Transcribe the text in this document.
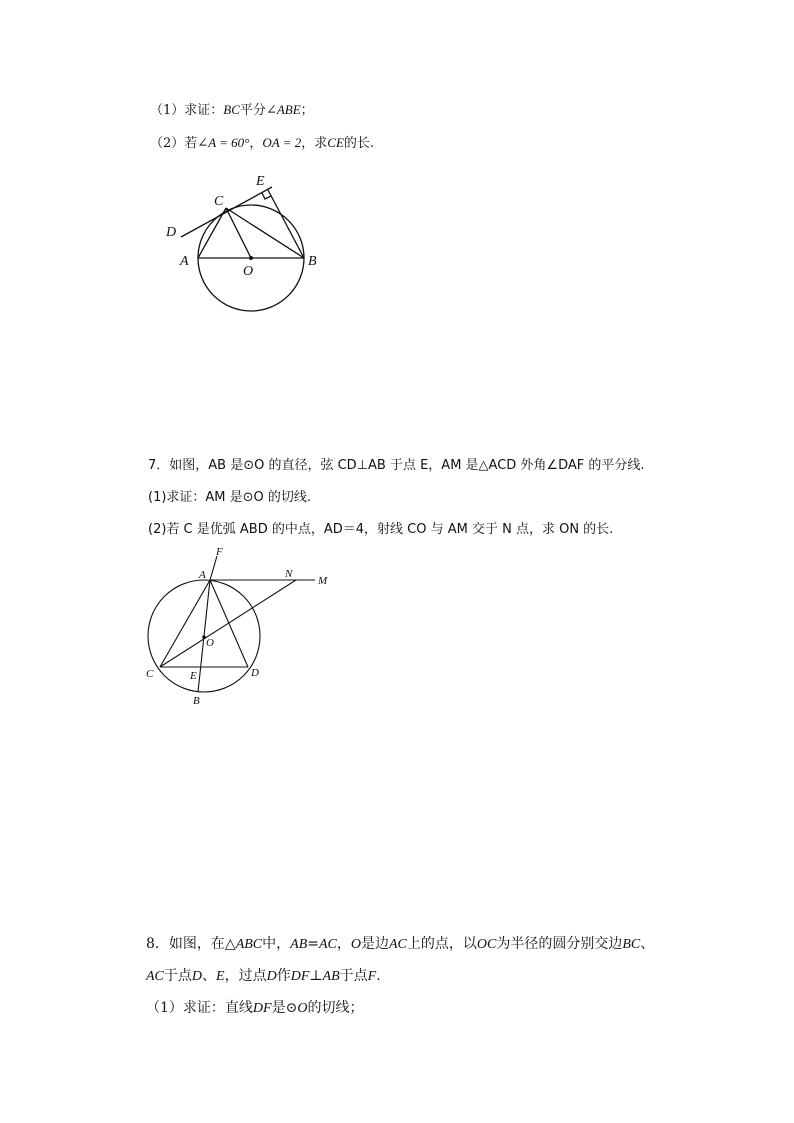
（1）求证：BC平分∠ABE；
（2）若∠A = 60°，OA = 2，求CE的长.
A	B
C
D
E
O
7．如图，AB 是⊙O 的直径，弦 CD⊥AB 于点 E，AM 是△ACD 外角∠DAF 的平分线.
(1)求证：AM 是⊙O 的切线.
(2)若 C 是优弧 ABD 的中点，AD＝4，射线 CO 与 AM 交于 N 点，求 ON 的长.
F
A	N
M
O
C	D
E
B
8．如图，在△ABC中，AB=AC，O是边AC上的点，以OC为半径的圆分别交边BC、
AC于点D、E，过点D作DF⊥AB于点F.
（1）求证：直线DF是⊙O的切线；
